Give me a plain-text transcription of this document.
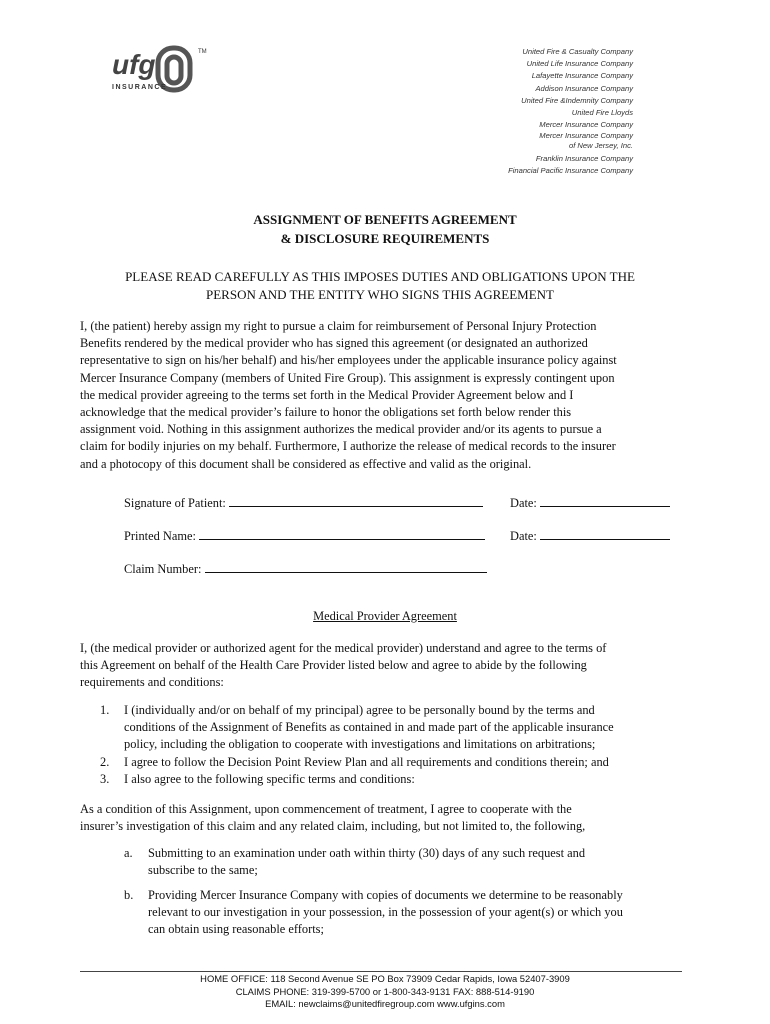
ufg
INSURANCE
TM	United Fire & Casualty Company
United Life Insurance Company
Lafayette Insurance Company
Addison Insurance Company
United Fire &Indemnity Company
United Fire Lloyds
Mercer Insurance Company
Mercer Insurance Company
of New Jersey, Inc.
Franklin Insurance Company
Financial Pacific Insurance Company
ASSIGNMENT OF BENEFITS AGREEMENT
& DISCLOSURE REQUIREMENTS
PLEASE READ CAREFULLY AS THIS IMPOSES DUTIES AND OBLIGATIONS UPON THE
PERSON AND THE ENTITY WHO SIGNS THIS AGREEMENT

I, (the patient) hereby assign my right to pursue a claim for reimbursement of Personal Injury Protection

Benefits rendered by the medical provider who has signed this agreement (or designated an authorized

representative to sign on his/her behalf) and his/her employees under the applicable insurance policy against

Mercer Insurance Company (members of United Fire Group). This assignment is expressly contingent upon

the medical provider agreeing to the terms set forth in the Medical Provider Agreement below and I

acknowledge that the medical provider’s failure to honor the obligations set forth below render this

assignment void. Nothing in this assignment authorizes the medical provider and/or its agents to pursue a

claim for bodily injuries on my behalf. Furthermore, I authorize the release of medical records to the insurer

and a photocopy of this document shall be considered as effective and valid as the original.

Signature of Patient:	Date:
Printed Name:	Date:
Claim Number:
Medical Provider Agreement

I, (the medical provider or authorized agent for the medical provider) understand and agree to the terms of

this Agreement on behalf of the Health Care Provider listed below and agree to abide by the following

requirements and conditions:

1.	I (individually and/or on behalf of my principal) agree to be personally bound by the terms and
conditions of the Assignment of Benefits as contained in and made part of the applicable insurance
policy, including the obligation to cooperate with investigations and limitations on arbitrations;
2.	I agree to follow the Decision Point Review Plan and all requirements and conditions therein; and
3.	I also agree to the following specific terms and conditions:

As a condition of this Assignment, upon commencement of treatment, I agree to cooperate with the

insurer’s investigation of this claim and any related claim, including, but not limited to, the following,

a.	Submitting to an examination under oath within thirty (30) days of any such request and
subscribe to the same;
b.	Providing Mercer Insurance Company with copies of documents we determine to be reasonably
relevant to our investigation in your possession, in the possession of your agent(s) or which you
can obtain using reasonable efforts;
HOME OFFICE: 118 Second Avenue SE PO Box 73909 Cedar Rapids, Iowa 52407-3909
CLAIMS PHONE: 319-399-5700 or 1-800-343-9131 FAX: 888-514-9190
EMAIL: newclaims@unitedfiregroup.com www.ufgins.com
